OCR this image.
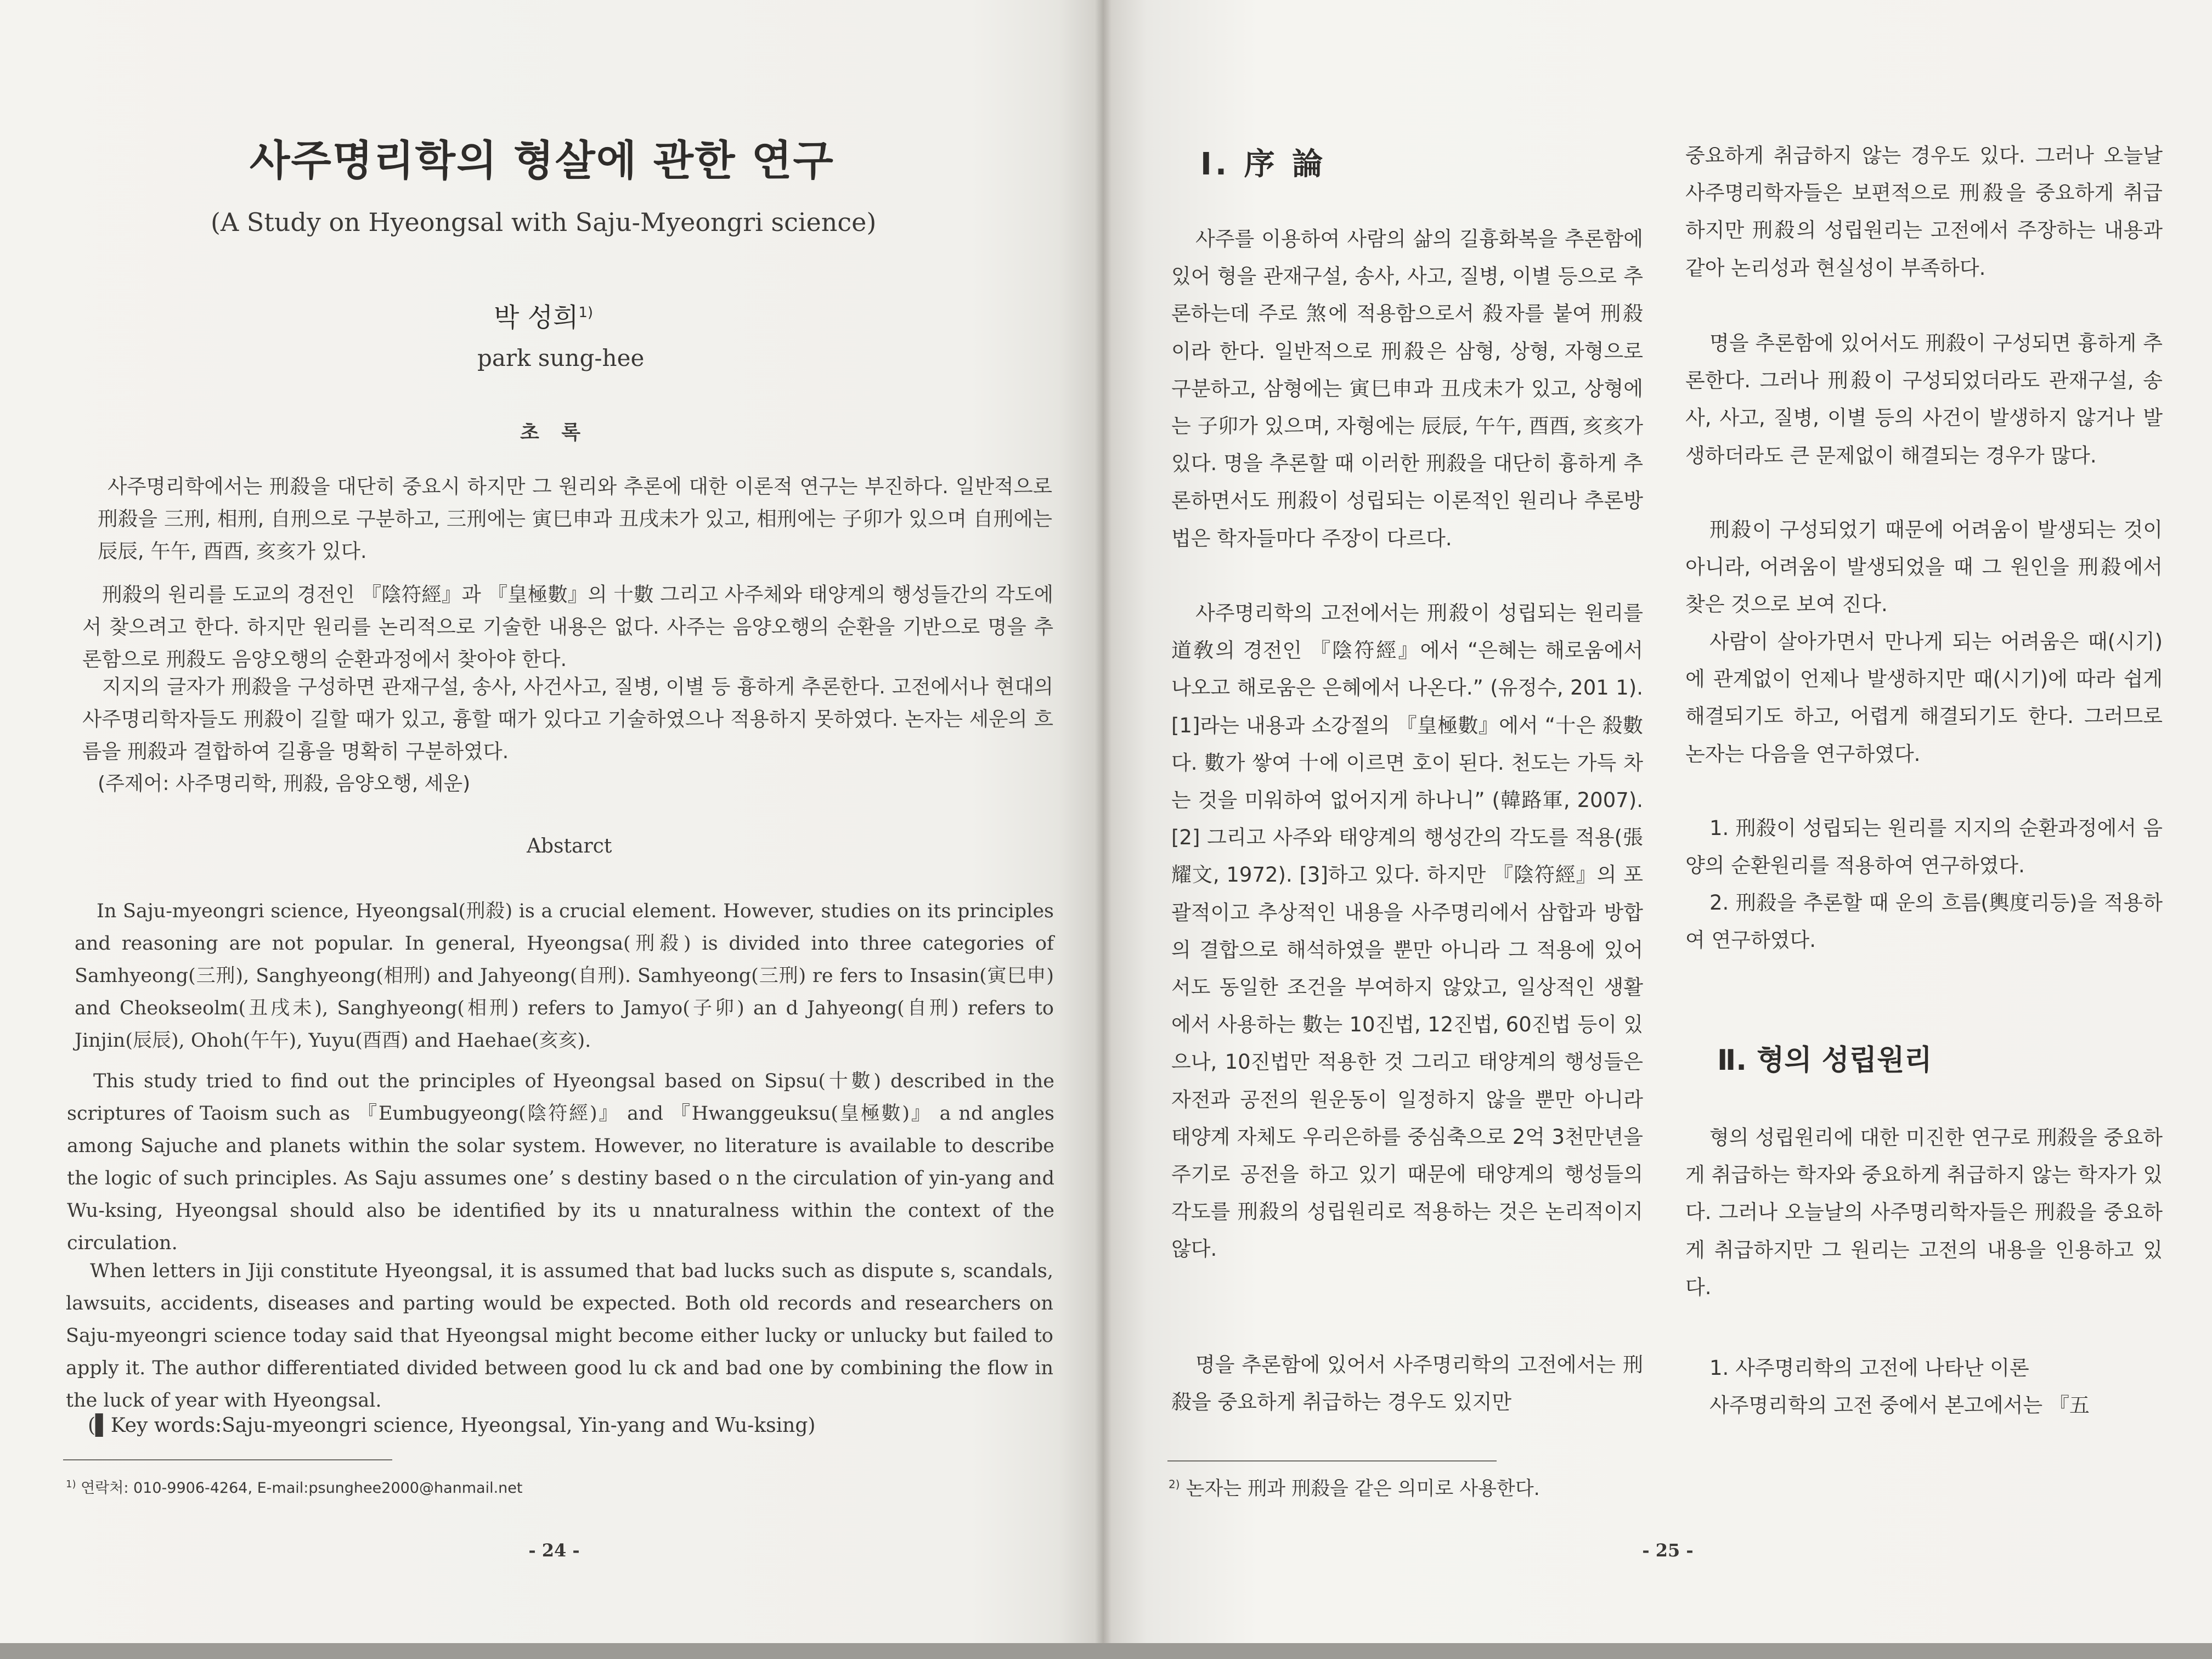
사주명리학의 형살에 관한 연구

(A Study on Hyeongsal with Saju-Myeongri science)

박 성희$^{1)}$
park sung-hee
초 록

사주명리학에서는 刑殺을 대단히 중요시 하지만 그 원리와 추론에 대한 이론적 연구는 부진하다. 일반적으로 刑殺을 三刑, 相刑, 自刑으로 구분하고, 三刑에는 寅巳申과 丑戌未가 있고, 相刑에는 子卯가 있으며 自刑에는 辰辰, 午午, 酉酉, 亥亥가 있다.

刑殺의 원리를 도교의 경전인 『陰符經』과 『皇極數』의 十數 그리고 사주체와 태양계의 행성들간의 각도에서 찾으려고 한다. 하지만 원리를 논리적으로 기술한 내용은 없다. 사주는 음양오행의 순환을 기반으로 명을 추론함으로 刑殺도 음양오행의 순환과정에서 찾아야 한다.

지지의 글자가 刑殺을 구성하면 관재구설, 송사, 사건사고, 질병, 이별 등 흉하게 추론한다. 고전에서나 현대의 사주명리학자들도 刑殺이 길할 때가 있고, 흉할 때가 있다고 기술하였으나 적용하지 못하였다. 논자는 세운의 흐름을 刑殺과 결합하여 길흉을 명확히 구분하였다.

(주제어: 사주명리학, 刑殺, 음양오행, 세운)
Abstarct

In Saju-myeongri science, Hyeongsal(刑殺) is a crucial element. However, studies on its principles and reasoning are not popular. In general, Hyeongsa(刑殺) is divided into three categories of Samhyeong(三刑), Sanghyeong(相刑) and Jahyeong(自刑). Samhyeong(三刑) re fers to Insasin(寅巳申) and Cheokseolm(丑戌未), Sanghyeong(相刑) refers to Jamyo(子卯) an d Jahyeong(自刑) refers to Jinjin(辰辰), Ohoh(午午), Yuyu(酉酉) and Haehae(亥亥).

This study tried to find out the principles of Hyeongsal based on Sipsu(十數) described in the scriptures of Taoism such as 『Eumbugyeong(陰符經)』 and 『Hwanggeuksu(皇極數)』 a nd angles among Sajuche and planets within the solar system. However, no literature is available to describe the logic of such principles. As Saju assumes one’ s destiny based o n the circulation of yin-yang and Wu-ksing, Hyeongsal should also be identified by its u nnaturalness within the context of the circulation.

When letters in Jiji constitute Hyeongsal, it is assumed that bad lucks such as dispute s, scandals, lawsuits, accidents, diseases and parting would be expected. Both old records and researchers on Saju-myeongri science today said that Hyeongsal might become either lucky or unlucky but failed to apply it. The author differentiated divided between good lu ck and bad one by combining the flow in the luck of year with Hyeongsal.

(▌Key words:Saju-myeongri science, Hyeongsal, Yin-yang and Wu-ksing)
$^{1)}$ 연락처: 010-9906-4264, E-mail:psunghee2000@hanmail.net
- 24 -
Ⅰ. 序 論

사주를 이용하여 사람의 삶의 길흉화복을 추론함에 있어 형을 관재구설, 송사, 사고, 질병, 이별 등으로 추론하는데 주로 煞에 적용함으로서 殺자를 붙여 刑殺이라 한다. 일반적으로 刑殺은 삼형, 상형, 자형으로 구분하고, 삼형에는 寅巳申과 丑戌未가 있고, 상형에는 子卯가 있으며, 자형에는 辰辰, 午午, 酉酉, 亥亥가 있다. 명을 추론할 때 이러한 刑殺을 대단히 흉하게 추론하면서도 刑殺이 성립되는 이론적인 원리나 추론방법은 학자들마다 주장이 다르다.

사주명리학의 고전에서는 刑殺이 성립되는 원리를 道敎의 경전인 『陰符經』에서 “은혜는 해로움에서 나오고 해로움은 은혜에서 나온다.” (유정수, 201 1).[1]라는 내용과 소강절의 『皇極數』에서 “十은 殺數다. 數가 쌓여 十에 이르면 호이 된다. 천도는 가득 차는 것을 미워하여 없어지게 하나니” (韓路軍, 2007).[2] 그리고 사주와 태양계의 행성간의 각도를 적용(張耀文, 1972). [3]하고 있다. 하지만 『陰符經』의 포괄적이고 추상적인 내용을 사주명리에서 삼합과 방합의 결합으로 해석하였을 뿐만 아니라 그 적용에 있어서도 동일한 조건을 부여하지 않았고, 일상적인 생활에서 사용하는 數는 10진법, 12진법, 60진법 등이 있으나, 10진법만 적용한 것 그리고 태양계의 행성들은 자전과 공전의 원운동이 일정하지 않을 뿐만 아니라 태양계 자체도 우리은하를 중심축으로 2억 3천만년을 주기로 공전을 하고 있기 때문에 태양계의 행성들의 각도를 刑殺의 성립원리로 적용하는 것은 논리적이지 않다.

명을 추론함에 있어서 사주명리학의 고전에서는 刑殺을 중요하게 취급하는 경우도 있지만

$^{2)}$ 논자는 刑과 刑殺을 같은 의미로 사용한다.

중요하게 취급하지 않는 경우도 있다. 그러나 오늘날 사주명리학자들은 보편적으로 刑殺을 중요하게 취급하지만 刑殺의 성립원리는 고전에서 주장하는 내용과 같아 논리성과 현실성이 부족하다.

명을 추론함에 있어서도 刑殺이 구성되면 흉하게 추론한다. 그러나 刑殺이 구성되었더라도 관재구설, 송사, 사고, 질병, 이별 등의 사건이 발생하지 않거나 발생하더라도 큰 문제없이 해결되는 경우가 많다.

刑殺이 구성되었기 때문에 어려움이 발생되는 것이 아니라, 어려움이 발생되었을 때 그 원인을 刑殺에서 찾은 것으로 보여 진다.

사람이 살아가면서 만나게 되는 어려움은 때(시기)에 관계없이 언제나 발생하지만 때(시기)에 따라 쉽게 해결되기도 하고, 어렵게 해결되기도 한다. 그러므로 논자는 다음을 연구하였다.

1. 刑殺이 성립되는 원리를 지지의 순환과정에서 음양의 순환원리를 적용하여 연구하였다.

2. 刑殺을 추론할 때 운의 흐름(輿度리등)을 적용하여 연구하였다.

Ⅱ. 형의 성립원리

형의 성립원리에 대한 미진한 연구로 刑殺을 중요하게 취급하는 학자와 중요하게 취급하지 않는 학자가 있다. 그러나 오늘날의 사주명리학자들은 刑殺을 중요하게 취급하지만 그 원리는 고전의 내용을 인용하고 있다.

1. 사주명리학의 고전에 나타난 이론

사주명리학의 고전 중에서 본고에서는 『五

- 25 -
